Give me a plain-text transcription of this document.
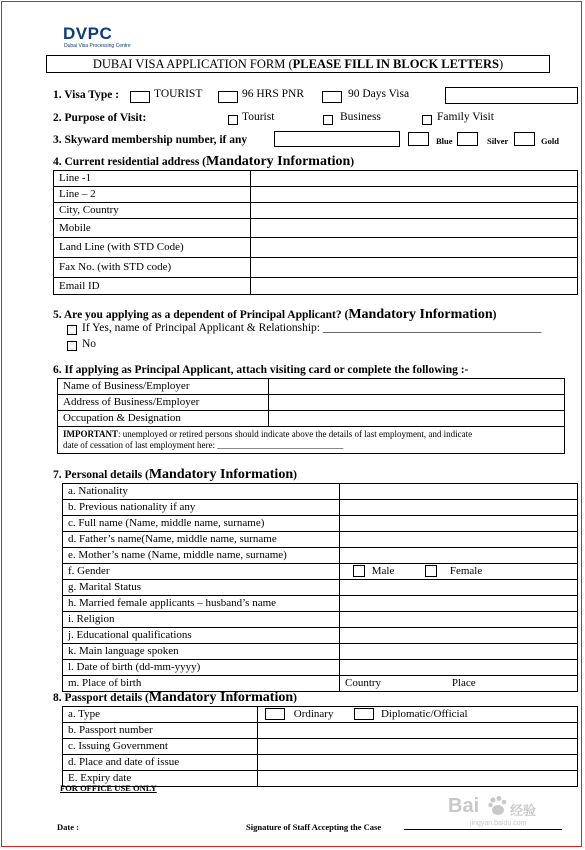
DVPC
Dubai Visa Processing Centre
DUBAI VISA APPLICATION FORM (PLEASE FILL IN BLOCK LETTERS)
1. Visa Type :	TOURIST	96 HRS PNR	90 Days Visa
2. Purpose of Visit:	Tourist	Business	Family Visit
3. Skyward membership number, if any	Blue	Silver	Gold
4. Current residential address (Mandatory Information)
Line -1	
Line – 2	
City, Country	
Mobile	
Land Line (with STD Code)	
Fax No. (with STD code)	
Email ID	
5. Are you applying as a dependent of Principal Applicant? (Mandatory Information)
If Yes, name of Principal Applicant & Relationship: ______________________________________
No
6. If applying as Principal Applicant, attach visiting card or complete the following :-
Name of Business/Employer	
Address of Business/Employer	
Occupation & Designation	
IMPORTANT: unemployed or retired persons should indicate above the details of last employment, and indicate
date of cessation of last employment here: ____________________________	
7. Personal details (Mandatory Information)
a. Nationality	
b. Previous nationality if any	
c. Full name (Name, middle name, surname)	
d. Father’s name(Name, middle name, surname	
e. Mother’s name (Name, middle name, surname)	
f. Gender	Male Female
g. Marital Status	
h. Married female applicants – husband’s name	
i. Religion	
j. Educational qualifications	
k. Main language spoken	
l. Date of birth (dd-mm-yyyy)	
m. Place of birth	Country Place
8. Passport details (Mandatory Information)
a. Type	Ordinary Diplomatic/Official
b. Passport number	
c. Issuing Government	
d. Place and date of issue	
E. Expiry date	
FOR OFFICE USE ONLY
Date :	Signature of Staff Accepting the Case
Bai 经验
jingyan.baidu.com
